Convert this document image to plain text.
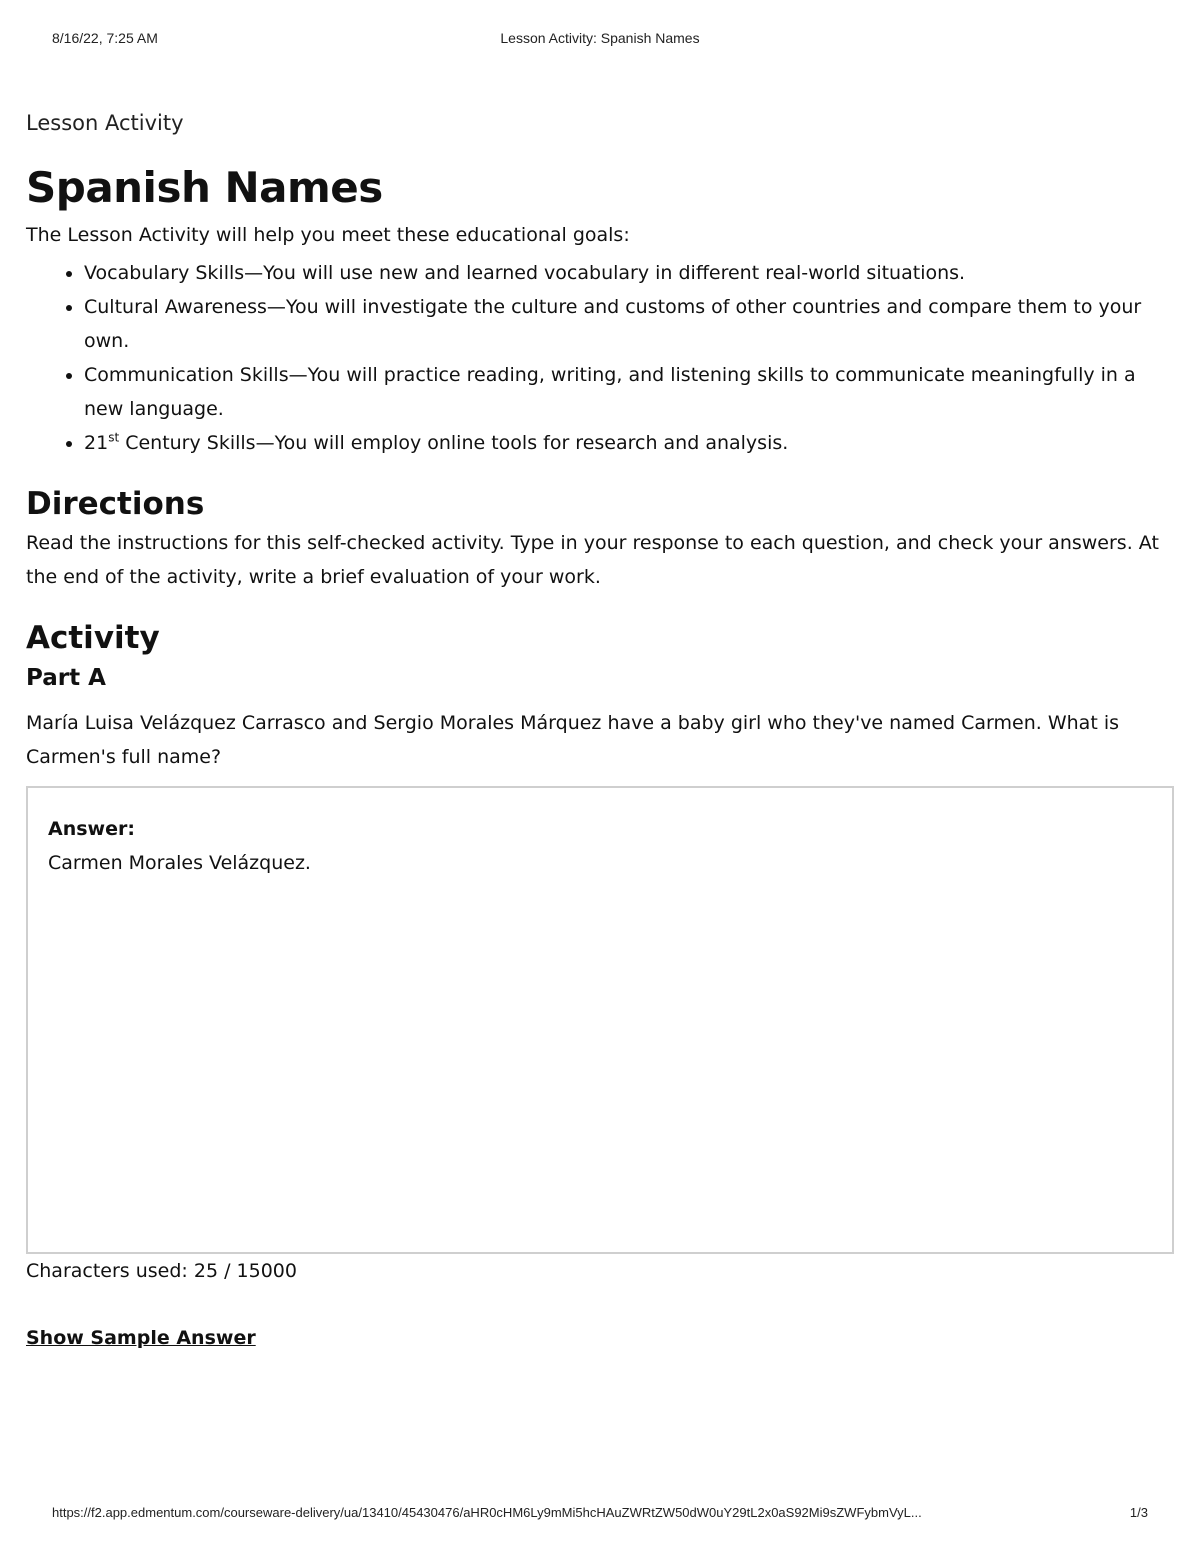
8/16/22, 7:25 AM	Lesson Activity: Spanish Names

Lesson Activity

Spanish Names

The Lesson Activity will help you meet these educational goals:

• Vocabulary Skills—You will use new and learned vocabulary in different real-world situations.
• Cultural Awareness—You will investigate the culture and customs of other countries and compare them to your own.
• Communication Skills—You will practice reading, writing, and listening skills to communicate meaningfully in a new language.
• 21st Century Skills—You will employ online tools for research and analysis.
Directions

Read the instructions for this self-checked activity. Type in your response to each question, and check your answers. At the end of the activity, write a brief evaluation of your work.

Activity
Part A

María Luisa Velázquez Carrasco and Sergio Morales Márquez have a baby girl who they've named Carmen. What is Carmen's full name?

Answer:
Carmen Morales Velázquez.

Characters used: 25 / 15000

Show Sample Answer
https://f2.app.edmentum.com/courseware-delivery/ua/13410/45430476/aHR0cHM6Ly9mMi5hcHAuZWRtZW50dW0uY29tL2x0aS92Mi9sZWFybmVyL...	1/3
